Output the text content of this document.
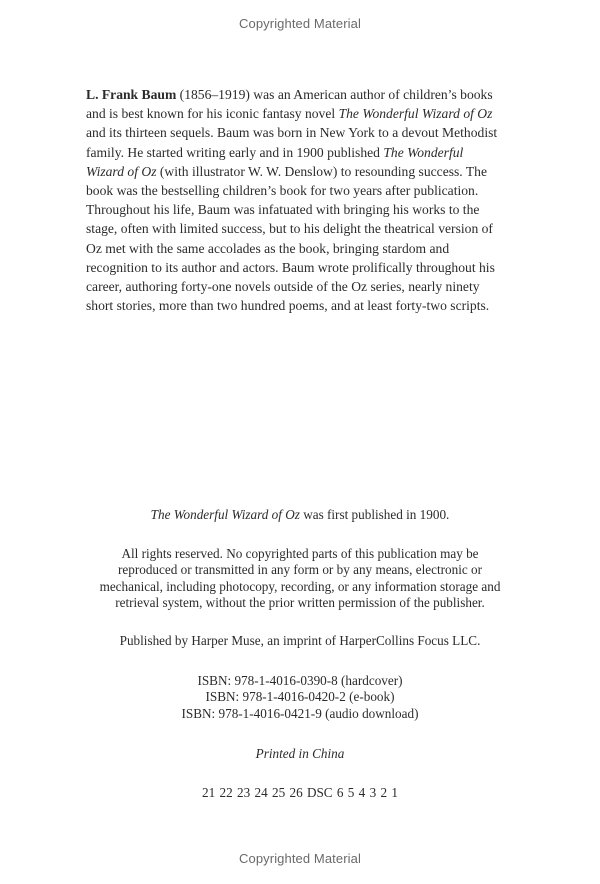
Copyrighted Material
L. Frank Baum (1856–1919) was an American author of children’s books and is best known for his iconic fantasy novel The Wonderful Wizard of Oz and its thirteen sequels. Baum was born in New York to a devout Methodist family. He started writing early and in 1900 published The Wonderful Wizard of Oz (with illustrator W. W. Denslow) to resounding success. The book was the bestselling children’s book for two years after publication. Throughout his life, Baum was infatuated with bringing his works to the stage, often with limited success, but to his delight the theatrical version of Oz met with the same accolades as the book, bringing stardom and recognition to its author and actors. Baum wrote prolifically throughout his career, authoring forty-one novels outside of the Oz series, nearly ninety short stories, more than two hundred poems, and at least forty-two scripts.
The Wonderful Wizard of Oz was first published in 1900.
All rights reserved. No copyrighted parts of this publication may be
reproduced or transmitted in any form or by any means, electronic or
mechanical, including photocopy, recording, or any information storage and
retrieval system, without the prior written permission of the publisher.
Published by Harper Muse, an imprint of HarperCollins Focus LLC.
ISBN: 978-1-4016-0390-8 (hardcover)
ISBN: 978-1-4016-0420-2 (e-book)
ISBN: 978-1-4016-0421-9 (audio download)
Printed in China
21 22 23 24 25 26 DSC 6 5 4 3 2 1
Copyrighted Material
